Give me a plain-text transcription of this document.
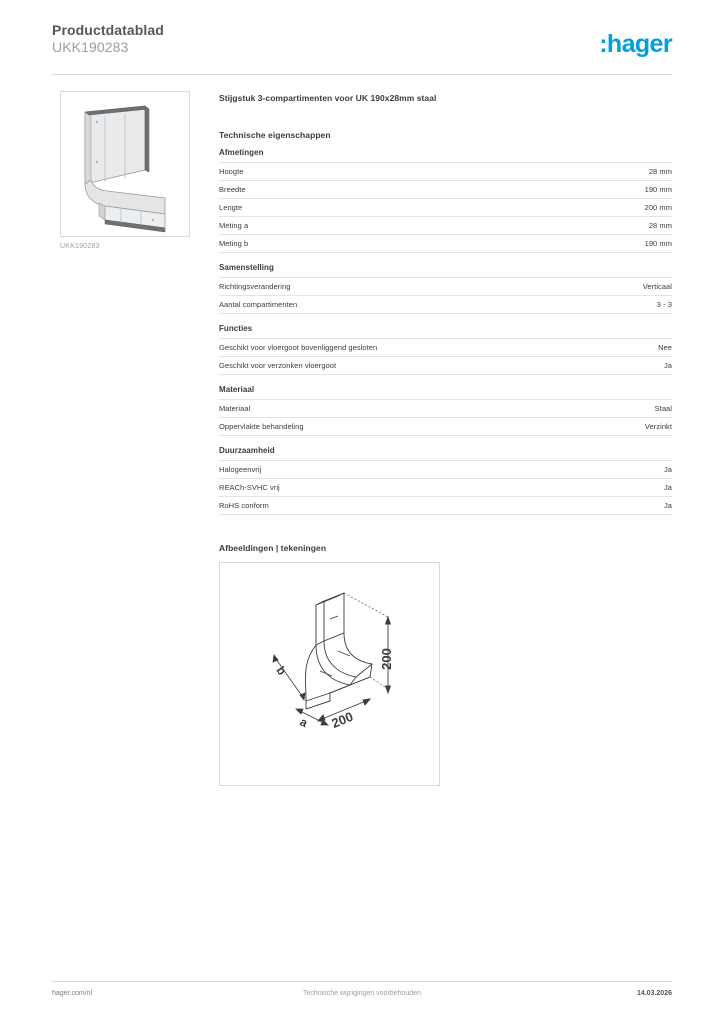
Productdatablad
UKK190283	:hager
UKK190283
Stijgstuk 3-compartimenten voor UK 190x28mm staal
Technische eigenschappen
Afmetingen
Hoogte	28 mm
Breedte	190 mm
Lengte	200 mm
Meting a	28 mm
Meting b	190 mm
Samenstelling
Richtingsverandering	Verticaal
Aantal compartimenten	3 - 3
Functies
Geschikt voor vloergoot bovenliggend gesloten	Nee
Geschikt voor verzonken vloergoot	Ja
Materiaal
Materiaal	Staal
Oppervlakte behandeling	Verzinkt
Duurzaamheid
Halogeenvrij	Ja
REACh-SVHC vrij	Ja
RoHS conform	Ja
Afbeeldingen | tekeningen
200
200
b
a
hager.com/nl	Technische wijzigingen voorbehouden	14.03.2026
